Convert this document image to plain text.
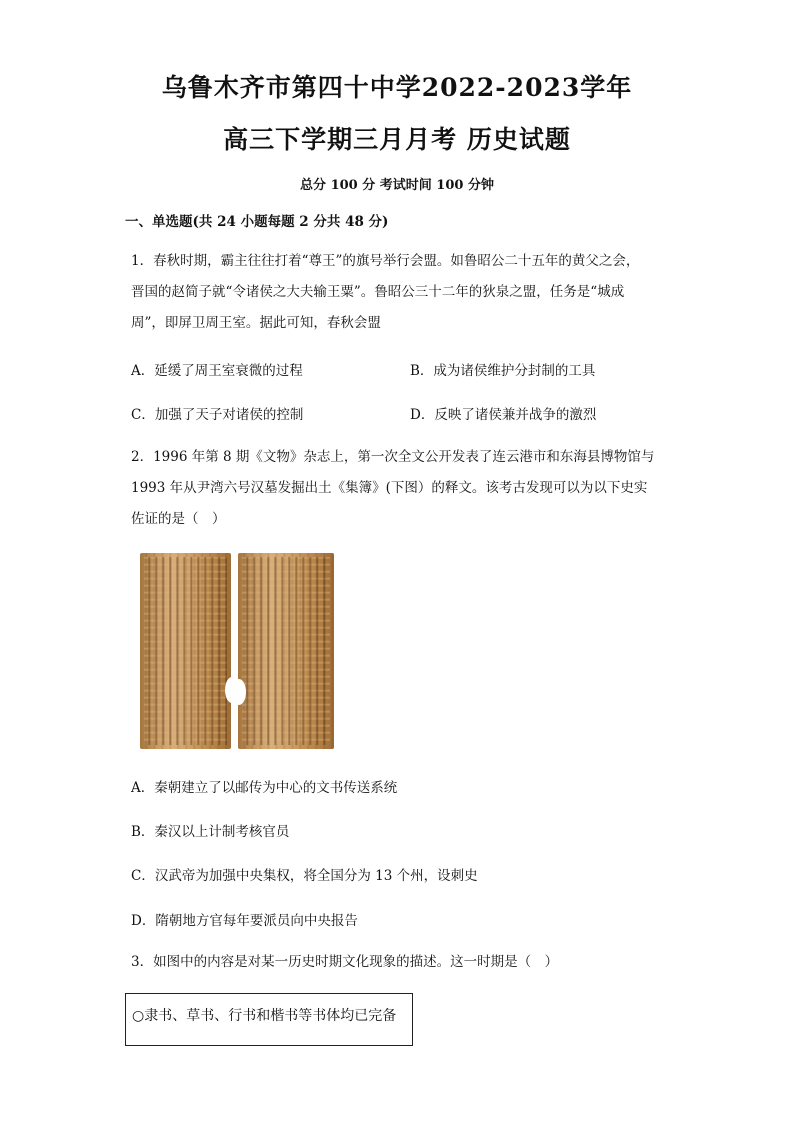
乌鲁木齐市第四十中学2022-2023学年
高三下学期三月月考 历史试题
总分 100 分 考试时间 100 分钟
一、单选题(共 24 小题每题 2 分共 48 分)
1．春秋时期，霸主往往打着“尊王”的旗号举行会盟。如鲁昭公二十五年的黄父之会，
晋国的赵简子就“令诸侯之大夫输王粟”。鲁昭公三十二年的狄泉之盟，任务是“城成
周”，即屏卫周王室。据此可知，春秋会盟
A．延缓了周王室衰微的过程	B．成为诸侯维护分封制的工具
C．加强了天子对诸侯的控制	D．反映了诸侯兼并战争的激烈
2．1996 年第 8 期《文物》杂志上，第一次全文公开发表了连云港市和东海县博物馆与
1993 年从尹湾六号汉墓发掘出土《集簿》(下图）的释文。该考古发现可以为以下史实
佐证的是（　）
A．秦朝建立了以邮传为中心的文书传送系统
B．秦汉以上计制考核官员
C．汉武帝为加强中央集权，将全国分为 13 个州，设刺史
D．隋朝地方官每年要派员向中央报告
3．如图中的内容是对某一历史时期文化现象的描述。这一时期是（　）
○隶书、草书、行书和楷书等书体均已完备
